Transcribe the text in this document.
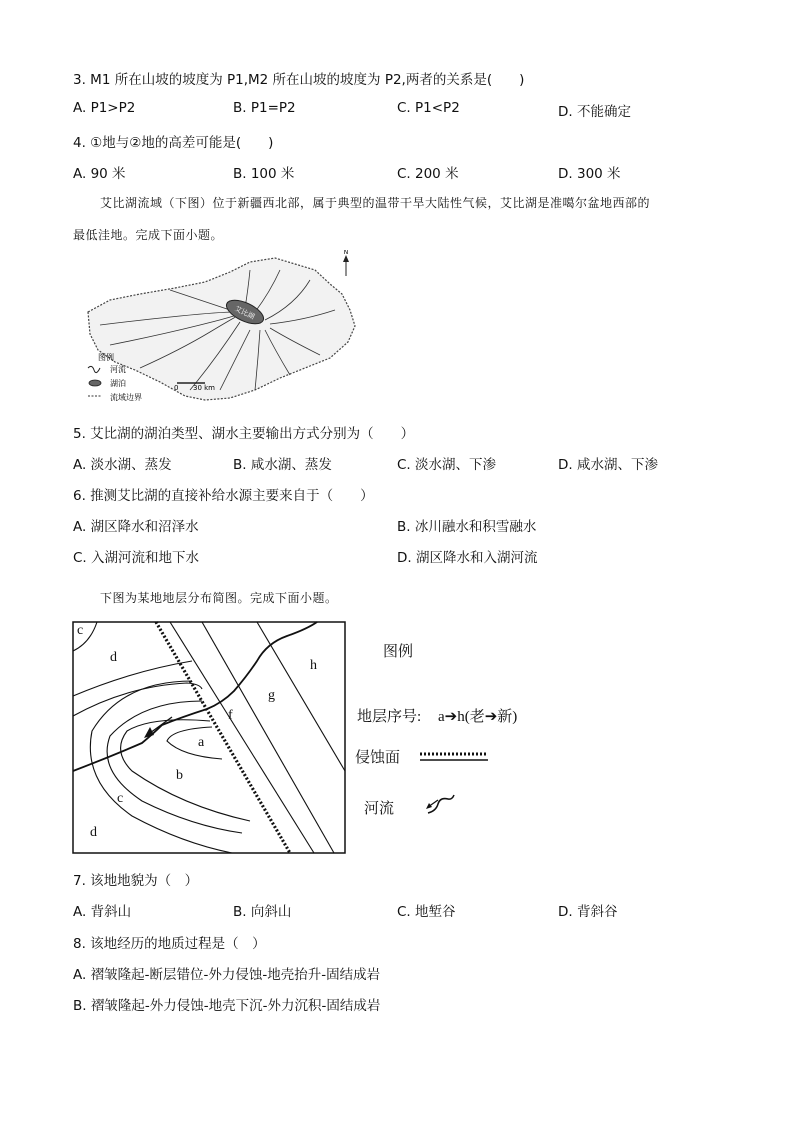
3. M1 所在山坡的坡度为 P1,M2 所在山坡的坡度为 P2,两者的关系是(　　)
A. P1>P2	B. P1=P2	C. P1<P2	D. 不能确定
4. ①地与②地的高差可能是(　　)
A. 90 米	B. 100 米	C. 200 米	D. 300 米
艾比湖流域（下图）位于新疆西北部，属于典型的温带干旱大陆性气候，艾比湖是准噶尔盆地西部的
最低洼地。完成下面小题。
艾比湖
N
图例
河流
湖泊
流域边界
0 30 km
5. 艾比湖的湖泊类型、湖水主要输出方式分别为（　　）
A. 淡水湖、蒸发	B. 咸水湖、蒸发	C. 淡水湖、下渗	D. 咸水湖、下渗
6. 推测艾比湖的直接补给水源主要来自于（　　）
A. 湖区降水和沼泽水	B. 冰川融水和积雪融水
C. 入湖河流和地下水	D. 湖区降水和入湖河流
下图为某地地层分布简图。完成下面小题。
c
d
h
g
f
a
b
c
d
图例
地层序号: a➔h(老➔新)
侵蚀面
河流
7. 该地地貌为（　）
A. 背斜山	B. 向斜山	C. 地堑谷	D. 背斜谷
8. 该地经历的地质过程是（　）
A. 褶皱隆起-断层错位-外力侵蚀-地壳抬升-固结成岩
B. 褶皱隆起-外力侵蚀-地壳下沉-外力沉积-固结成岩
